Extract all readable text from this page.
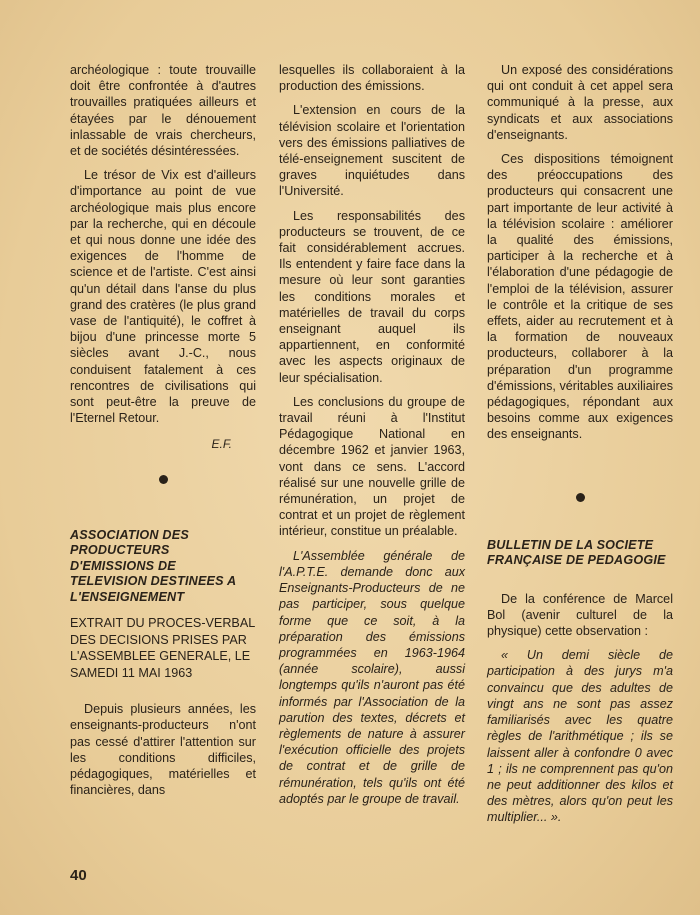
archéologique : toute trouvaille doit être confrontée à d'autres trouvailles pratiquées ailleurs et étayées par le dénouement inlassable de vrais chercheurs, et de sociétés désintéressées.

Le trésor de Vix est d'ailleurs d'importance au point de vue archéologique mais plus encore par la recherche, qui en découle et qui nous donne une idée des exigences de l'homme de science et de l'artiste. C'est ainsi qu'un détail dans l'anse du plus grand des cratères (le plus grand vase de l'antiquité), le coffret à bijou d'une princesse morte 5 siècles avant J.-C., nous conduisent fatalement à ces rencontres de civilisations qui sont peut-être la preuve de l'Eternel Retour.

E.F.
ASSOCIATION DES PRODUCTEURS D'EMISSIONS DE TELEVISION DESTINEES A L'ENSEIGNEMENT
EXTRAIT DU PROCES-VERBAL DES DECISIONS PRISES PAR L'ASSEMBLEE GENERALE, LE SAMEDI 11 MAI 1963

Depuis plusieurs années, les enseignants-producteurs n'ont pas cessé d'attirer l'attention sur les conditions difficiles, pédagogiques, matérielles et financières, dans

lesquelles ils collaboraient à la production des émissions.

L'extension en cours de la télévision scolaire et l'orientation vers des émissions palliatives de télé-enseignement suscitent de graves inquiétudes dans l'Université.

Les responsabilités des producteurs se trouvent, de ce fait considérablement accrues. Ils entendent y faire face dans la mesure où leur sont garanties les conditions morales et matérielles de travail du corps enseignant auquel ils appartiennent, en conformité avec les aspects originaux de leur spécialisation.

Les conclusions du groupe de travail réuni à l'Institut Pédagogique National en décembre 1962 et janvier 1963, vont dans ce sens. L'accord réalisé sur une nouvelle grille de rémunération, un projet de contrat et un projet de règlement intérieur, constitue un préalable.

L'Assemblée générale de l'A.P.T.E. demande donc aux Enseignants-Producteurs de ne pas participer, sous quelque forme que ce soit, à la préparation des émissions programmées en 1963-1964 (année scolaire), aussi longtemps qu'ils n'auront pas été informés par l'Association de la parution des textes, décrets et règlements de nature à assurer l'exécution officielle des projets de contrat et de grille de rémunération, tels qu'ils ont été adoptés par le groupe de travail.

Un exposé des considérations qui ont conduit à cet appel sera communiqué à la presse, aux syndicats et aux associations d'enseignants.

Ces dispositions témoignent des préoccupations des producteurs qui consacrent une part importante de leur activité à la télévision scolaire : améliorer la qualité des émissions, participer à la recherche et à l'élaboration d'une pédagogie de l'emploi de la télévision, assurer le contrôle et la critique de ses effets, aider au recrutement et à la formation de nouveaux producteurs, collaborer à la préparation d'un programme d'émissions, véritables auxiliaires pédagogiques, répondant aux besoins comme aux exigences des enseignants.

BULLETIN DE LA SOCIETE FRANÇAISE DE PEDAGOGIE

De la conférence de Marcel Bol (avenir culturel de la physique) cette observation :

« Un demi siècle de participation à des jurys m'a convaincu que des adultes de vingt ans ne sont pas assez familiarisés avec les quatre règles de l'arithmétique ; ils se laissent aller à confondre 0 avec 1 ; ils ne comprennent pas qu'on ne peut additionner des kilos et des mètres, alors qu'on peut les multiplier... ».

40
